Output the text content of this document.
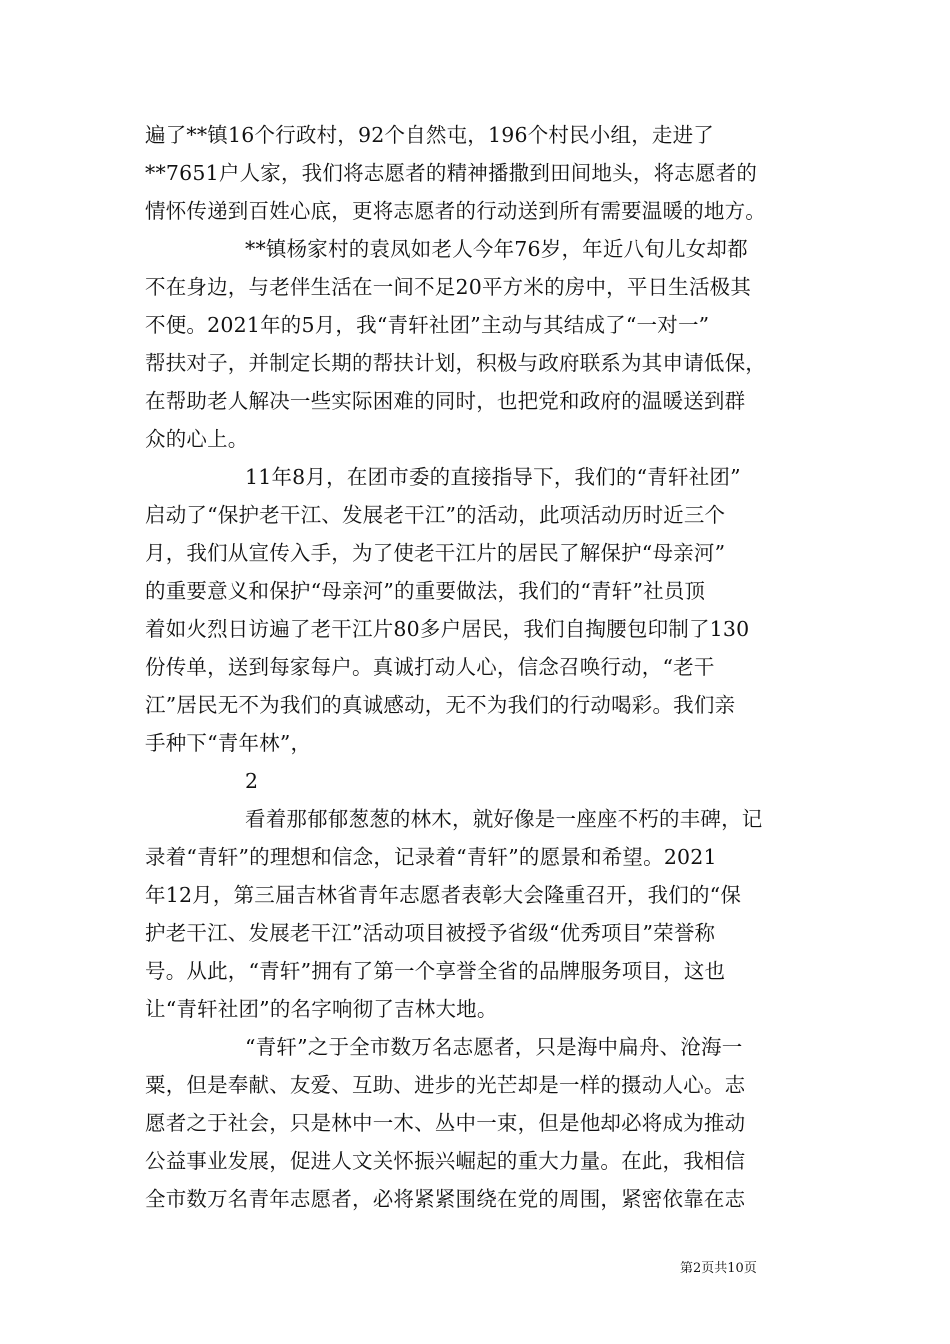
遍了**镇16个行政村，92个自然屯，196个村民小组，走进了
**7651户人家，我们将志愿者的精神播撒到田间地头，将志愿者的
情怀传递到百姓心底，更将志愿者的行动送到所有需要温暖的地方。
**镇杨家村的袁凤如老人今年76岁，年近八旬儿女却都
不在身边，与老伴生活在一间不足20平方米的房中，平日生活极其
不便。2021年的5月，我“青轩社团”主动与其结成了“一对一”
帮扶对子，并制定长期的帮扶计划，积极与政府联系为其申请低保，
在帮助老人解决一些实际困难的同时，也把党和政府的温暖送到群
众的心上。
11年8月，在团市委的直接指导下，我们的“青轩社团”
启动了“保护老干江、发展老干江”的活动，此项活动历时近三个
月，我们从宣传入手，为了使老干江片的居民了解保护“母亲河”
的重要意义和保护“母亲河”的重要做法，我们的“青轩”社员顶
着如火烈日访遍了老干江片80多户居民，我们自掏腰包印制了130
份传单，送到每家每户。真诚打动人心，信念召唤行动，“老干
江”居民无不为我们的真诚感动，无不为我们的行动喝彩。我们亲
手种下“青年林”，
2
看着那郁郁葱葱的林木，就好像是一座座不朽的丰碑，记
录着“青轩”的理想和信念，记录着“青轩”的愿景和希望。2021
年12月，第三届吉林省青年志愿者表彰大会隆重召开，我们的“保
护老干江、发展老干江”活动项目被授予省级“优秀项目”荣誉称
号。从此，“青轩”拥有了第一个享誉全省的品牌服务项目，这也
让“青轩社团”的名字响彻了吉林大地。
“青轩”之于全市数万名志愿者，只是海中扁舟、沧海一
粟，但是奉献、友爱、互助、进步的光芒却是一样的摄动人心。志
愿者之于社会，只是林中一木、丛中一束，但是他却必将成为推动
公益事业发展，促进人文关怀振兴崛起的重大力量。在此，我相信
全市数万名青年志愿者，必将紧紧围绕在党的周围，紧密依靠在志
第2页共10页
